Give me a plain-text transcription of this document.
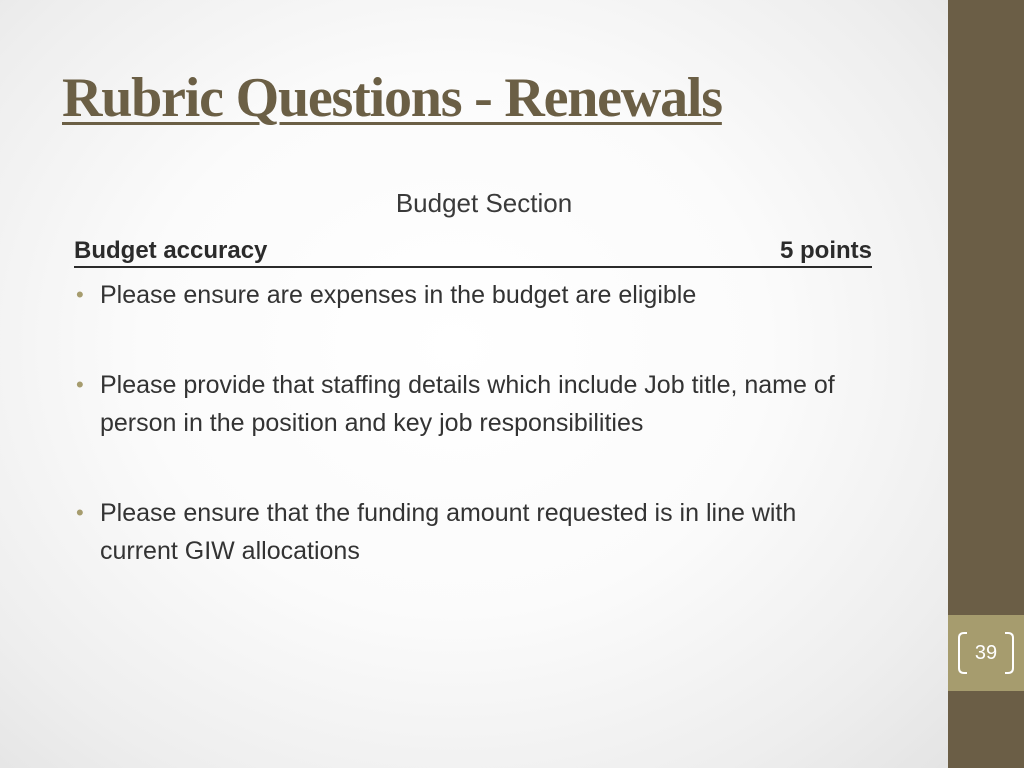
Rubric Questions - Renewals
Budget Section
Budget accuracy	5 points
• Please ensure are expenses in the budget are eligible
• Please provide that staffing details which include Job title, name of person in the position and key job responsibilities
• Please ensure that the funding amount requested is in line with current GIW allocations
39
